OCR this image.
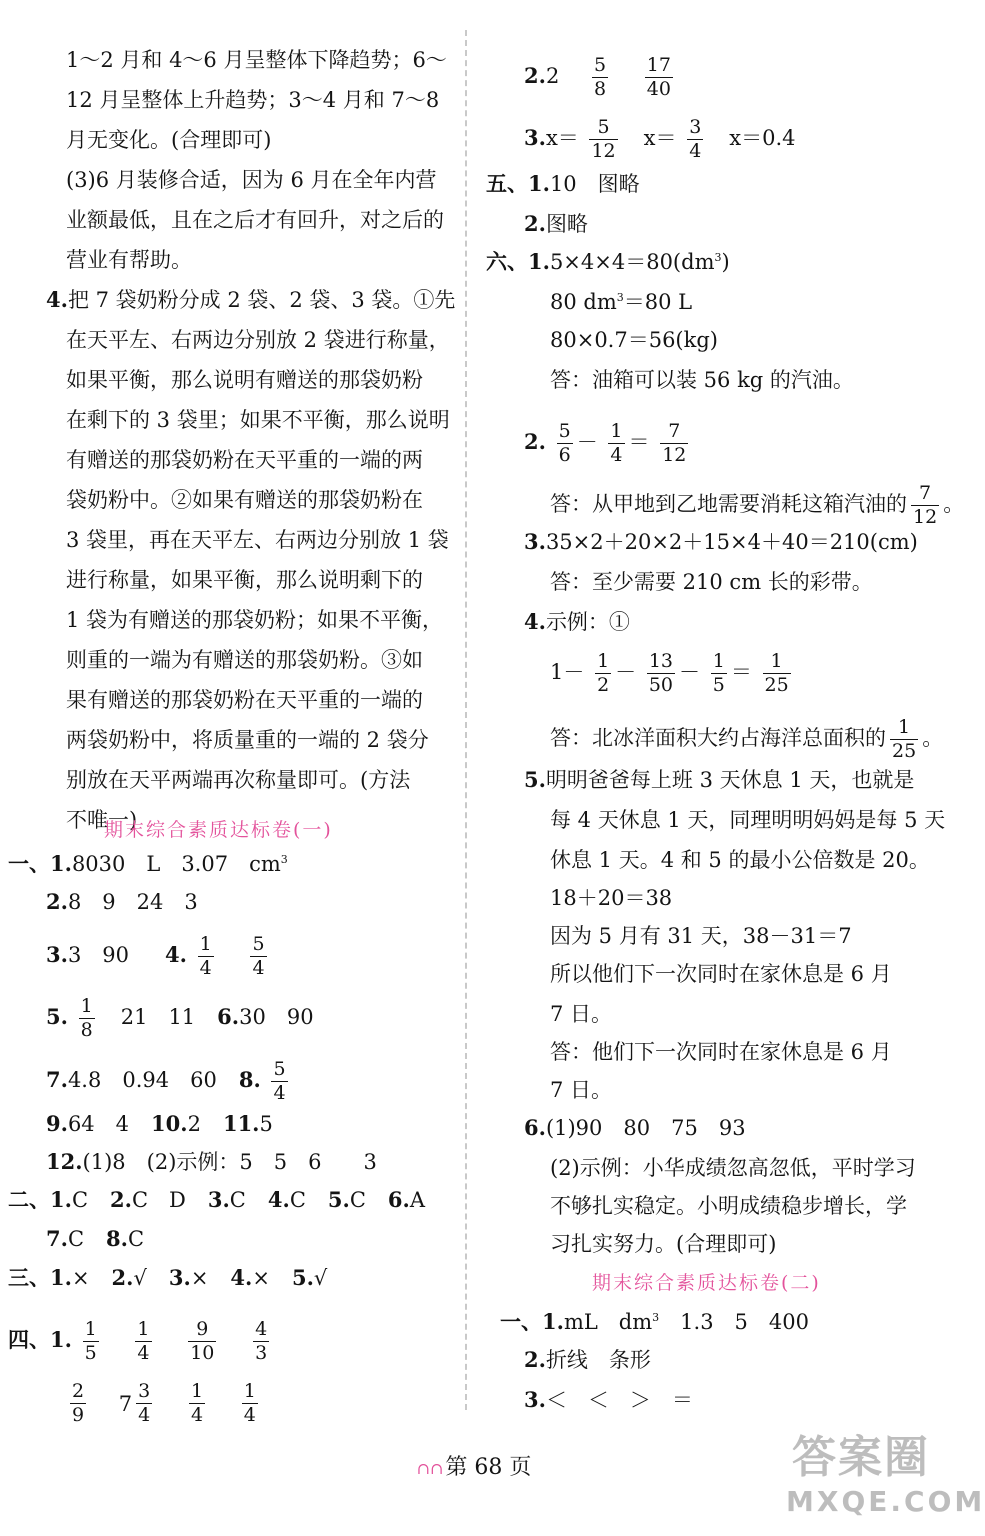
1～2 月和 4～6 月呈整体下降趋势；6～
12 月呈整体上升趋势；3～4 月和 7～8
月无变化。(合理即可)
(3)6 月装修合适，因为 6 月在全年内营
业额最低，且在之后才有回升，对之后的
营业有帮助。
4.把 7 袋奶粉分成 2 袋、2 袋、3 袋。①先
在天平左、右两边分别放 2 袋进行称量，
如果平衡，那么说明有赠送的那袋奶粉
在剩下的 3 袋里；如果不平衡，那么说明
有赠送的那袋奶粉在天平重的一端的两
袋奶粉中。②如果有赠送的那袋奶粉在
3 袋里，再在天平左、右两边分别放 1 袋
进行称量，如果平衡，那么说明剩下的
1 袋为有赠送的那袋奶粉；如果不平衡，
则重的一端为有赠送的那袋奶粉。③如
果有赠送的那袋奶粉在天平重的一端的
两袋奶粉中，将质量重的一端的 2 袋分
别放在天平两端再次称量即可。(方法
不唯一)
期末综合素质达标卷(一)
一、1.8030　L　3.07　$cm^3$
2.8　9　24　3
3.3　90 4. $\frac{1}{4}$
$\frac{5}{4}$
5. $\frac{1}{8} 21$　11 6.30　90
7.4.8　0.94　60 8. $\frac{5}{4}$
9.64　4 10.2 11.5
12.(1)8　(2)示例：5　5　6　　3
二、1.C 2.C　D 3.C 4.C 5.C 6.A
7.C 8.C
三、1.× 2.√ 3.× 4.× 5.√
四、1. $\frac{1}{5}$
$\frac{1}{4}$
$\frac{9}{10}$
$\frac{4}{3}$
$\frac{2}{9}$
$7 \frac{3}{4}$
$\frac{1}{4}$
$\frac{1}{4}$
$2.2 \frac{5}{8}$
$\frac{17}{40}$
$3.x= \frac{5}{12} x= \frac{3}{4} x=0.4$
五、1.10　图略
2.图略
六、$1.5\times 4\times 4=80(dm^3)$
80 $dm^3=80$ L
80×0.7＝56(kg)
答：油箱可以装 56 kg 的汽油。
2. $\frac{5}{6} - \frac{1}{4} = \frac{7}{12}$
答：从甲地到乙地需要消耗这箱汽油的 $\frac{7}{12}$ 。
3.35×2＋20×2＋15×4＋40＝210(cm)
答：至少需要 210 cm 长的彩带。
4.示例：①
$1- \frac{1}{2} - \frac{13}{50} - \frac{1}{5} = \frac{1}{25}$
答：北冰洋面积大约占海洋总面积的 $\frac{1}{25}$ 。
5.明明爸爸每上班 3 天休息 1 天，也就是
每 4 天休息 1 天，同理明明妈妈是每 5 天
休息 1 天。4 和 5 的最小公倍数是 20。
18＋20＝38
因为 5 月有 31 天，38－31＝7
所以他们下一次同时在家休息是 6 月
7 日。
答：他们下一次同时在家休息是 6 月
7 日。
6.(1)90　80　75　93
(2)示例：小华成绩忽高忽低，平时学习
不够扎实稳定。小明成绩稳步增长，学
习扎实努力。(合理即可)
期末综合素质达标卷(二)
一、1.mL　$dm^3$　1.3　5　400
2.折线　条形
3.＜　＜　＞　＝
∩∩第 68 页	答案圈
MXQE.COM
